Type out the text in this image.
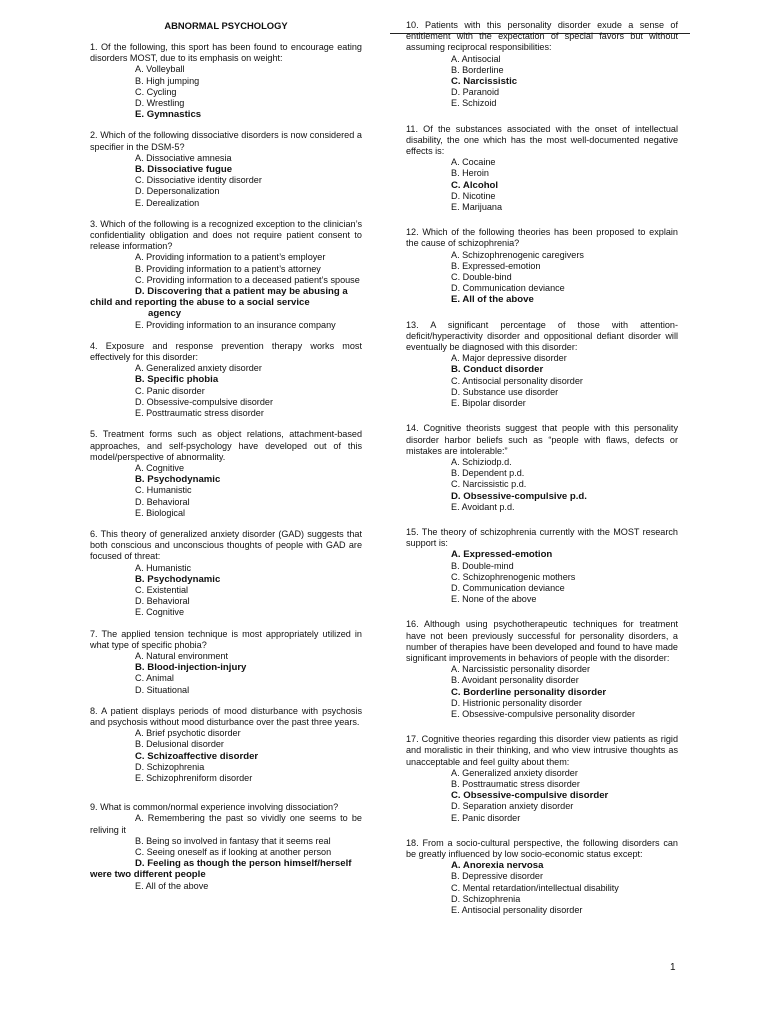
ABNORMAL PSYCHOLOGY
1. Of the following, this sport has been found to encourage eating disorders MOST, due to its emphasis on weight:
A. Volleyball
B. High jumping
C. Cycling
D. Wrestling
E. Gymnastics
2. Which of the following dissociative disorders is now considered a specifier in the DSM-5?
A. Dissociative amnesia
B. Dissociative fugue
C. Dissociative identity disorder
D. Depersonalization
E. Derealization
3. Which of the following is a recognized exception to the clinician’s confidentiality obligation and does not require patient consent to release information?
A. Providing information to a patient’s employer
B. Providing information to a patient’s attorney
C. Providing information to a deceased patient’s spouse
D. Discovering that a patient may be abusing a child and reporting the abuse to a social service
agency
E. Providing information to an insurance company
4. Exposure and response prevention therapy works most effectively for this disorder:
A. Generalized anxiety disorder
B. Specific phobia
C. Panic disorder
D. Obsessive-compulsive disorder
E. Posttraumatic stress disorder
5. Treatment forms such as object relations, attachment-based approaches, and self-psychology have developed out of this model/perspective of abnormality.
A. Cognitive
B. Psychodynamic
C. Humanistic
D. Behavioral
E. Biological
6. This theory of generalized anxiety disorder (GAD) suggests that both conscious and unconscious thoughts of people with GAD are focused of threat:
A. Humanistic
B. Psychodynamic
C. Existential
D. Behavioral
E. Cognitive
7. The applied tension technique is most appropriately utilized in what type of specific phobia?
A. Natural environment
B. Blood-injection-injury
C. Animal
D. Situational
8. A patient displays periods of mood disturbance with psychosis and psychosis without mood disturbance over the past three years.
A. Brief psychotic disorder
B. Delusional disorder
C. Schizoaffective disorder
D. Schizophrenia
E. Schizophreniform disorder
9. What is common/normal experience involving dissociation?
A. Remembering the past so vividly one seems to be reliving it
B. Being so involved in fantasy that it seems real
C. Seeing oneself as if looking at another person
D. Feeling as though the person himself/herself were two different people
E. All of the above
10. Patients with this personality disorder exude a sense of entitlement with the expectation of special favors but without assuming reciprocal responsibilities:
A. Antisocial
B. Borderline
C. Narcissistic
D. Paranoid
E. Schizoid
11. Of the substances associated with the onset of intellectual disability, the one which has the most well-documented negative effects is:
A. Cocaine
B. Heroin
C. Alcohol
D. Nicotine
E. Marijuana
12. Which of the following theories has been proposed to explain the cause of schizophrenia?
A. Schizophrenogenic caregivers
B. Expressed-emotion
C. Double-bind
D. Communication deviance
E. All of the above
13. A significant percentage of those with attention-deficit/hyperactivity disorder and oppositional defiant disorder will eventually be diagnosed with this disorder:
A. Major depressive disorder
B. Conduct disorder
C. Antisocial personality disorder
D. Substance use disorder
E. Bipolar disorder
14. Cognitive theorists suggest that people with this personality disorder harbor beliefs such as “people with flaws, defects or mistakes are intolerable:”
A. Schiziodp.d.
B. Dependent p.d.
C. Narcissistic p.d.
D. Obsessive-compulsive p.d.
E. Avoidant p.d.
15. The theory of schizophrenia currently with the MOST research support is:
A. Expressed-emotion
B. Double-mind
C. Schizophrenogenic mothers
D. Communication deviance
E. None of the above
16. Although using psychotherapeutic techniques for treatment have not been previously successful for personality disorders, a number of therapies have been developed and found to have made significant improvements in behaviors of people with the disorder:
A. Narcissistic personality disorder
B. Avoidant personality disorder
C. Borderline personality disorder
D. Histrionic personality disorder
E. Obsessive-compulsive personality disorder
17. Cognitive theories regarding this disorder view patients as rigid and moralistic in their thinking, and who view intrusive thoughts as unacceptable and feel guilty about them:
A. Generalized anxiety disorder
B. Posttraumatic stress disorder
C. Obsessive-compulsive disorder
D. Separation anxiety disorder
E. Panic disorder
18. From a socio-cultural perspective, the following disorders can be greatly influenced by low socio-economic status except:
A. Anorexia nervosa
B. Depressive disorder
C. Mental retardation/intellectual disability
D. Schizophrenia
E. Antisocial personality disorder
1
